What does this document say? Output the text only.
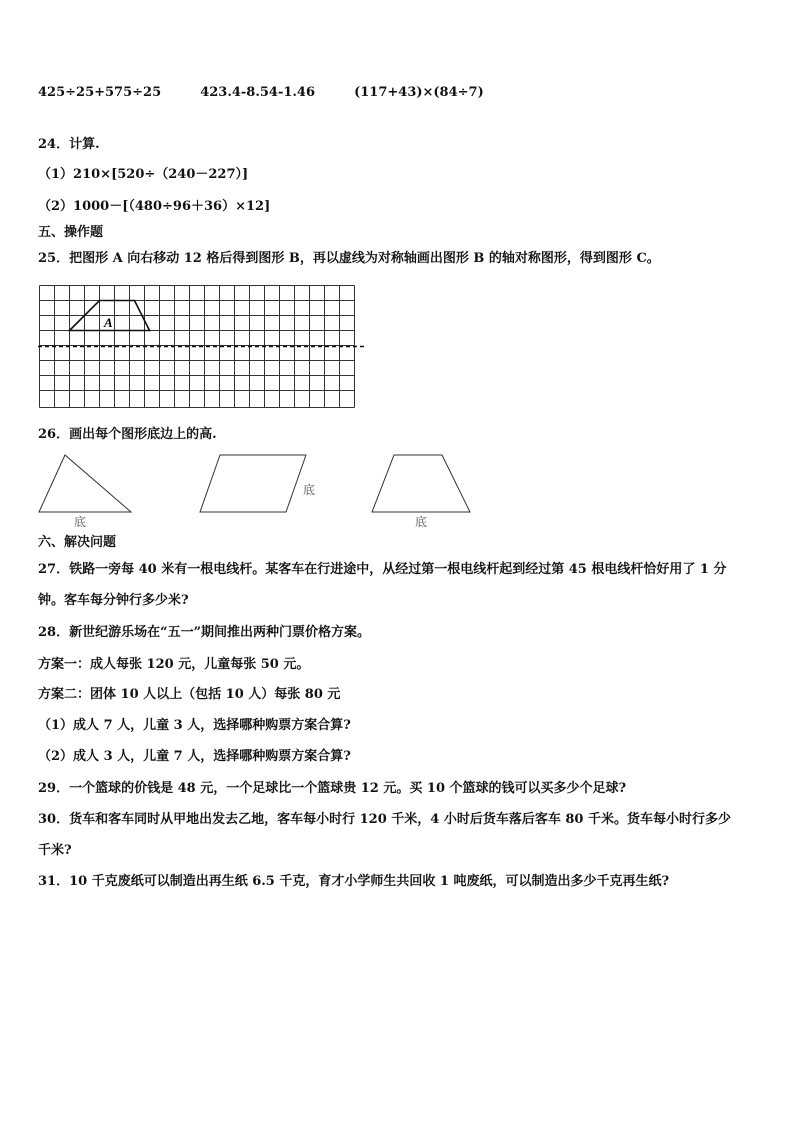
425÷25+575÷25	423.4-8.54-1.46	(117+43)×(84÷7)
24．计算.
（1）210×[520÷（240－227）]
（2）1000－[（480÷96＋36）×12]
五、操作题
25．把图形 A 向右移动 12 格后得到图形 B，再以虚线为对称轴画出图形 B 的轴对称图形，得到图形 C。
A
26．画出每个图形底边上的高.
底
底
底
六、解决问题
27．铁路一旁每 40 米有一根电线杆。某客车在行进途中，从经过第一根电线杆起到经过第 45 根电线杆恰好用了 1 分
钟。客车每分钟行多少米?
28．新世纪游乐场在“五一”期间推出两种门票价格方案。
方案一：成人每张 120 元，儿童每张 50 元。
方案二：团体 10 人以上（包括 10 人）每张 80 元
（1）成人 7 人，儿童 3 人，选择哪种购票方案合算?
（2）成人 3 人，儿童 7 人，选择哪种购票方案合算?
29．一个篮球的价钱是 48 元，一个足球比一个篮球贵 12 元。买 10 个篮球的钱可以买多少个足球?
30．货车和客车同时从甲地出发去乙地，客车每小时行 120 千米，4 小时后货车落后客车 80 千米。货车每小时行多少
千米?
31．10 千克废纸可以制造出再生纸 6.5 千克，育才小学师生共回收 1 吨废纸，可以制造出多少千克再生纸?
